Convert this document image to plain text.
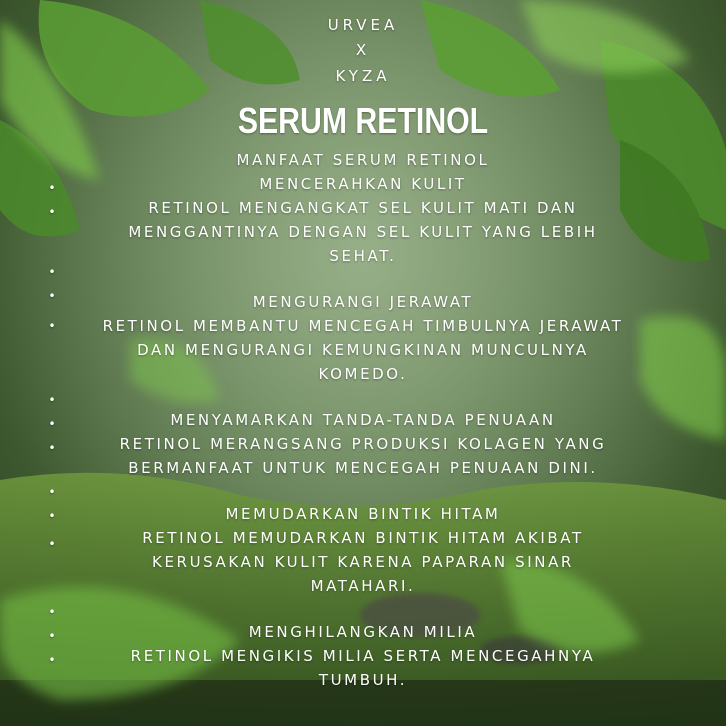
URVEA
X
KYZA
SERUM RETINOL
MANFAAT SERUM RETINOL
MENCERAHKAN KULIT
RETINOL MENGANGKAT SEL KULIT MATI DAN
MENGGANTINYA DENGAN SEL KULIT YANG LEBIH
SEHAT.
MENGURANGI JERAWAT
RETINOL MEMBANTU MENCEGAH TIMBULNYA JERAWAT
DAN MENGURANGI KEMUNGKINAN MUNCULNYA
KOMEDO.
MENYAMARKAN TANDA-TANDA PENUAAN
RETINOL MERANGSANG PRODUKSI KOLAGEN YANG
BERMANFAAT UNTUK MENCEGAH PENUAAN DINI.
MEMUDARKAN BINTIK HITAM
RETINOL MEMUDARKAN BINTIK HITAM AKIBAT
KERUSAKAN KULIT KARENA PAPARAN SINAR
MATAHARI.
MENGHILANGKAN MILIA
RETINOL MENGIKIS MILIA SERTA MENCEGAHNYA
TUMBUH.
•
•
•
•
•
•
•
•
•
•
•
•
•
•
